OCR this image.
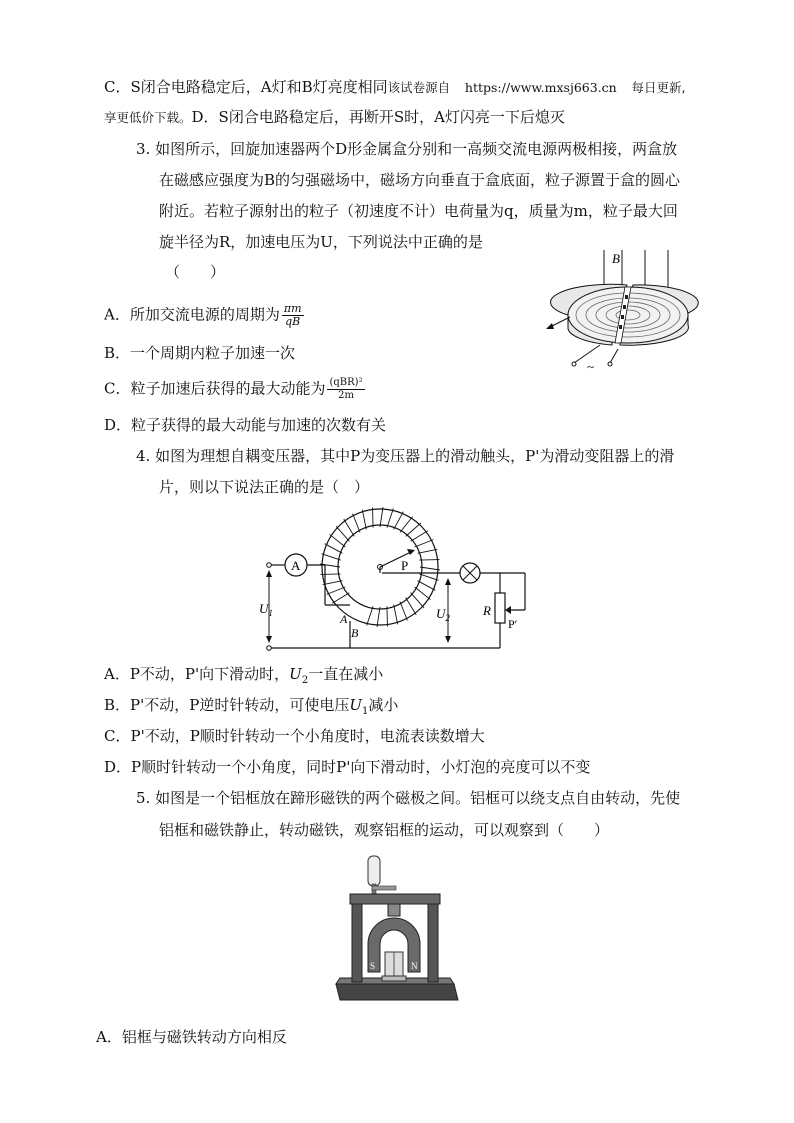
C．S闭合电路稳定后，A灯和B灯亮度相同该试卷源自 https://www.mxsj663.cn 每日更新,
享更低价下载。D．S闭合电路稳定后，再断开S时，A灯闪亮一下后熄灭
3. 如图所示，回旋加速器两个D形金属盒分别和一高频交流电源两极相接，两盒放
在磁感应强度为B的匀强磁场中，磁场方向垂直于盒底面，粒子源置于盒的圆心
附近。若粒子源射出的粒子（初速度不计）电荷量为q，质量为m，粒子最大回
旋半径为R，加速电压为U，下列说法中正确的是
（　　）
A．所加交流电源的周期为 $\frac{\pi m}{qB}$
B．一个周期内粒子加速一次
C．粒子加速后获得的最大动能为 $\frac{\text{(qBR)²}}{2m}$
D．粒子获得的最大动能与加速的次数有关
B
~
4. 如图为理想自耦变压器，其中P为变压器上的滑动触头，P'为滑动变阻器上的滑
片，则以下说法正确的是（　）
P
A
$U_1$	A
B
R
P′
$U_2$
A．P不动，P'向下滑动时，$U_2$一直在减小
B．P'不动，P逆时针转动，可使电压$U_1$减小
C．P'不动，P顺时针转动一个小角度时，电流表读数增大
D．P顺时针转动一个小角度，同时P'向下滑动时，小灯泡的亮度可以不变
5. 如图是一个铝框放在蹄形磁铁的两个磁极之间。铝框可以绕支点自由转动，先使
铝框和磁铁静止，转动磁铁，观察铝框的运动，可以观察到（　　）
S	N
A．铝框与磁铁转动方向相反
